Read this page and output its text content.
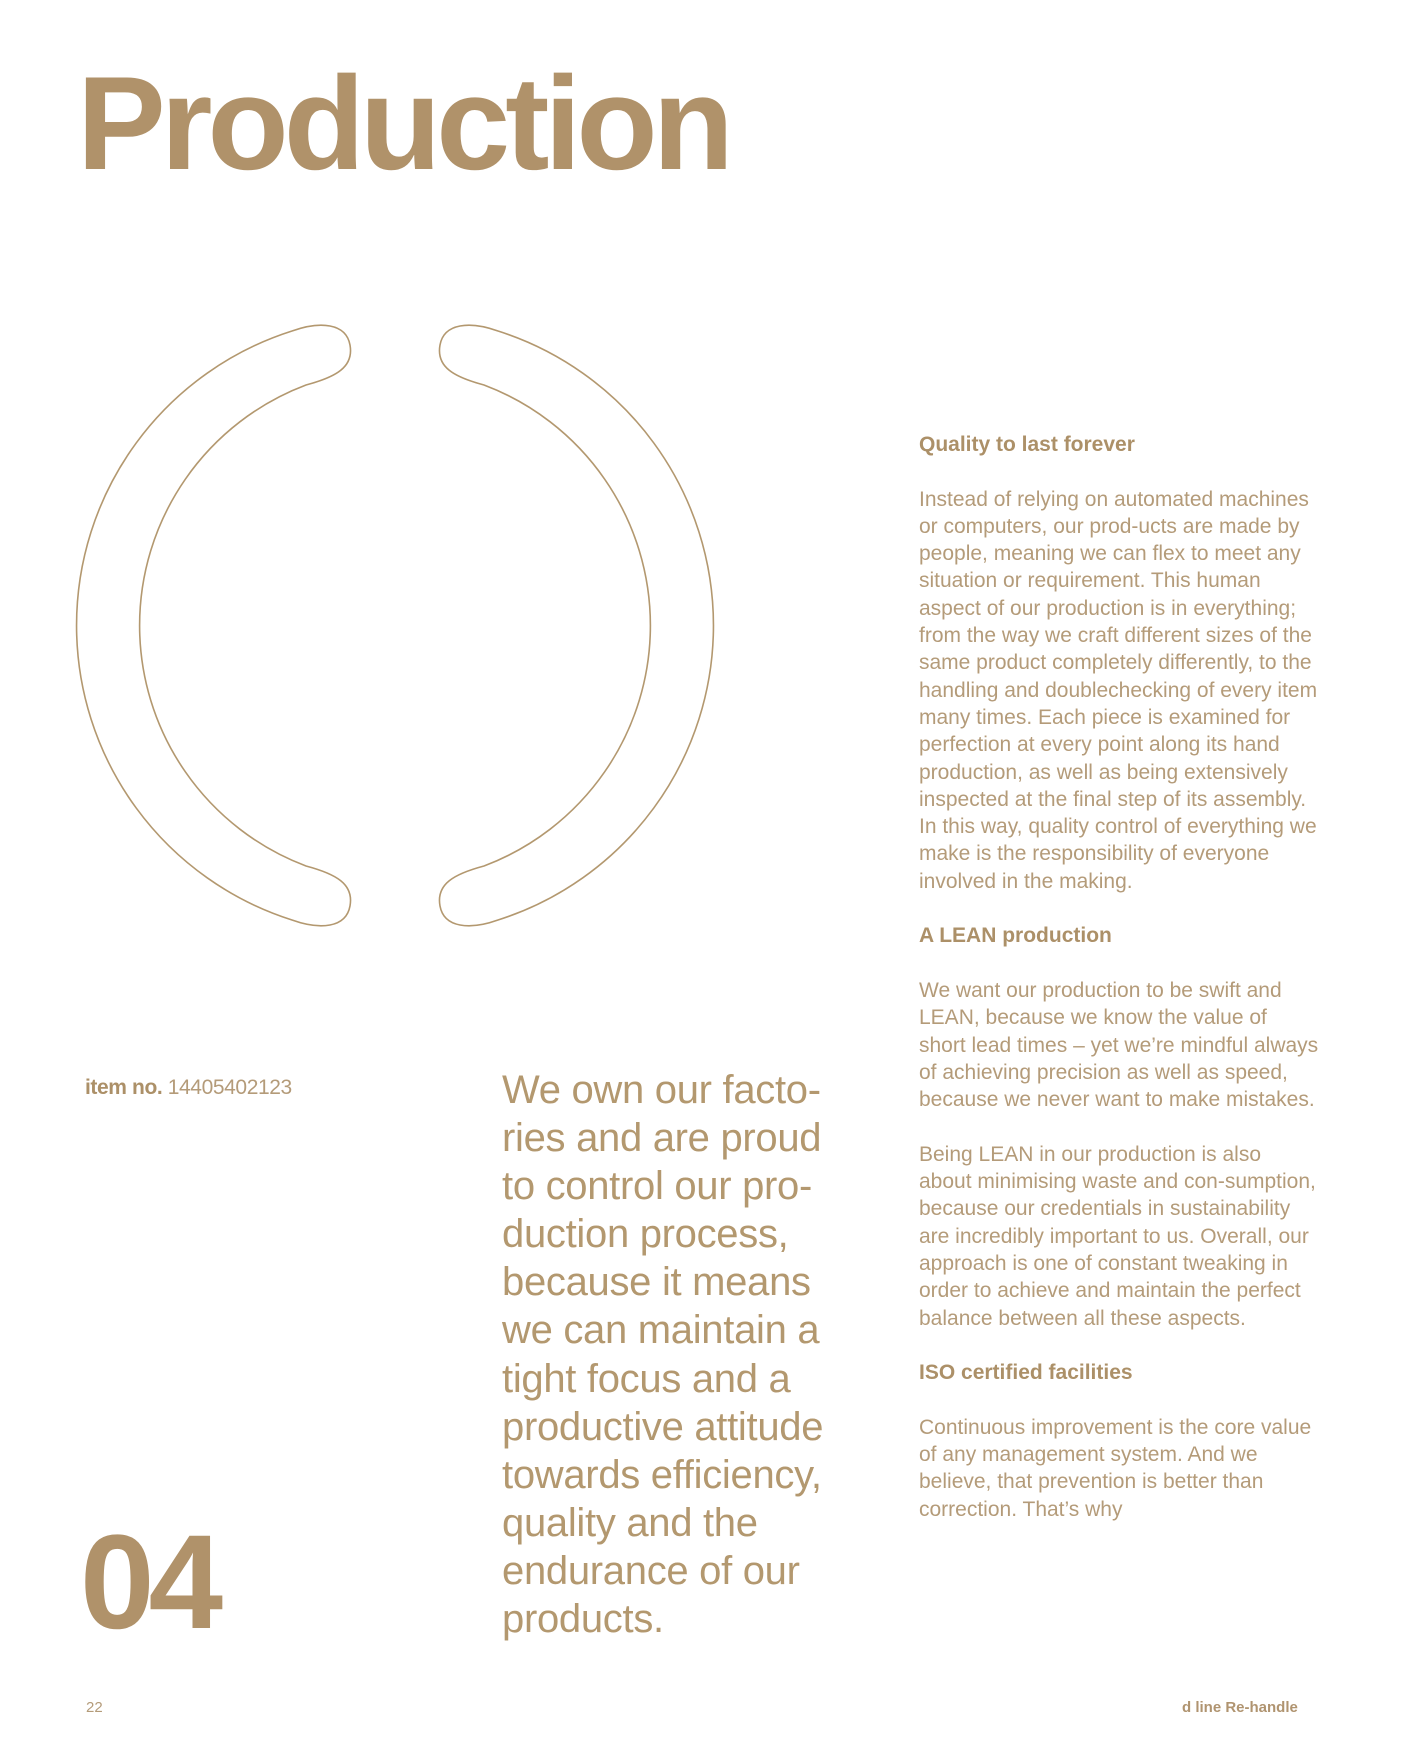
Production
Quality to last forever

Instead of relying on automated machines or computers, our prod-ucts are made by people, meaning we can flex to meet any situation or requirement. This human aspect of our production is in everything; from the way we craft different sizes of the same product completely differently, to the handling and doublechecking of every item many times. Each piece is examined for perfection at every point along its hand production, as well as being extensively inspected at the final step of its assembly. In this way, quality control of everything we make is the responsibility of everyone involved in the making.

A LEAN production

We want our production to be swift and LEAN, because we know the value of short lead times – yet we’re mindful always of achieving precision as well as speed, because we never want to make mistakes.

Being LEAN in our production is also about minimising waste and con-sumption, because our credentials in sustainability are incredibly important to us. Overall, our approach is one of constant tweaking in order to achieve and maintain the perfect balance between all these aspects.

ISO certified facilities

Continuous improvement is the core value of any management system. And we believe, that prevention is better than correction. That’s why

item no. 14405402123	We own our facto-
ries and are proud
to control our pro-
duction process,
because it means
we can maintain a
tight focus and a
productive attitude
towards efficiency,
quality and the
endurance of our
products.
04
22	d line Re-handle
